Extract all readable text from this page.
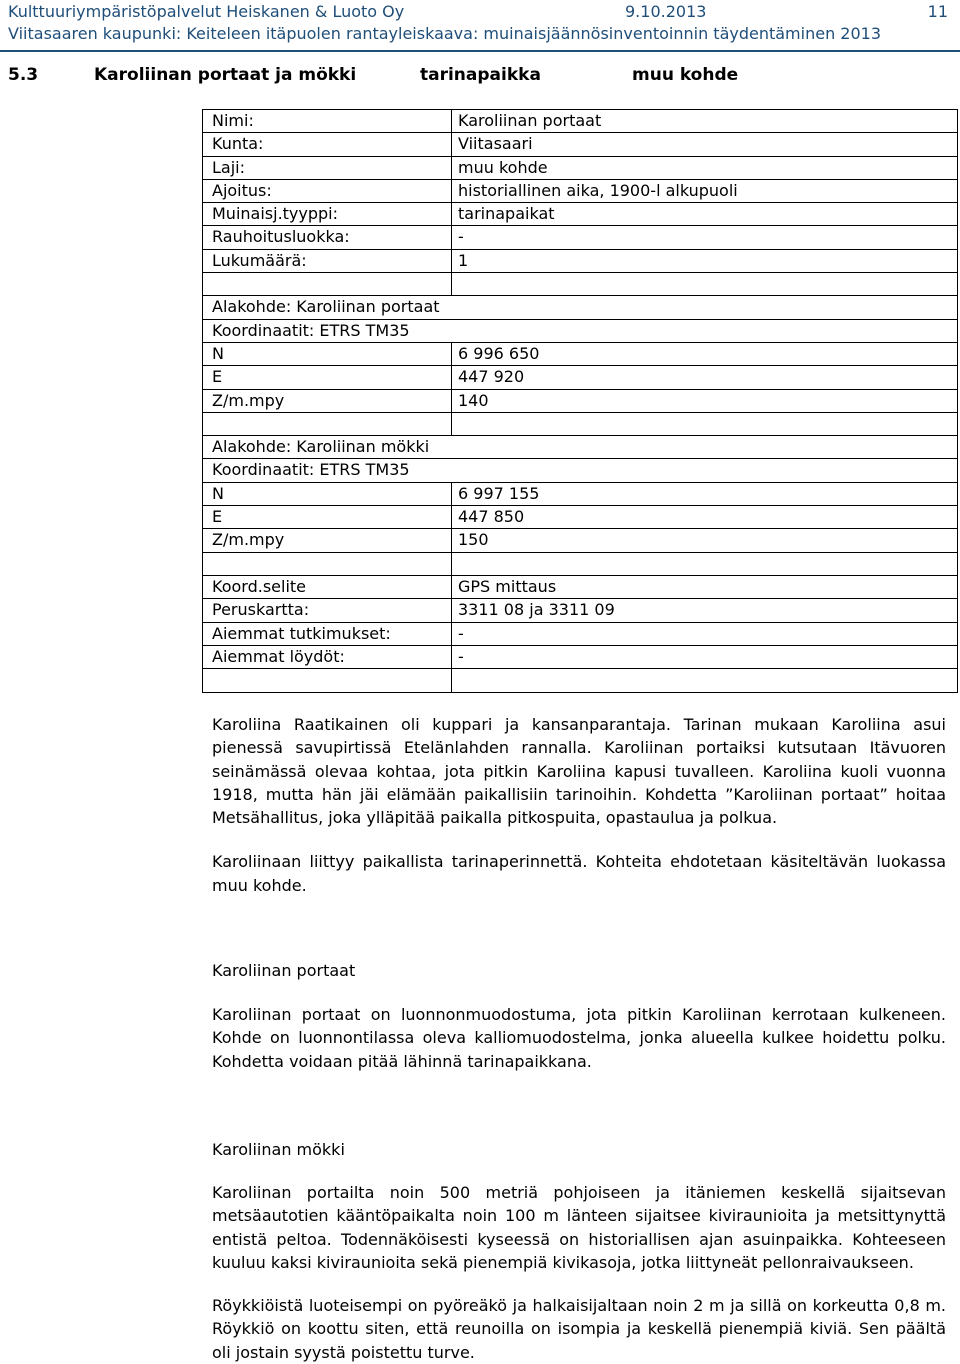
Kulttuuriympäristöpalvelut Heiskanen & Luoto Oy	9.10.2013	11
Viitasaaren kaupunki: Keiteleen itäpuolen rantayleiskaava: muinaisjäännösinventoinnin täydentäminen 2013
5.3	Karoliinan portaat ja mökki	tarinapaikka	muu kohde
Nimi:	Karoliinan portaat
Kunta:	Viitasaari
Laji:	muu kohde
Ajoitus:	historiallinen aika, 1900-l alkupuoli
Muinaisj.tyyppi:	tarinapaikat
Rauhoitusluokka:	-
Lukumäärä:	1
Alakohde: Karoliinan portaat
Koordinaatit: ETRS TM35
N	6 996 650
E	447 920
Z/m.mpy	140
Alakohde: Karoliinan mökki
Koordinaatit: ETRS TM35
N	6 997 155
E	447 850
Z/m.mpy	150
Koord.selite	GPS mittaus
Peruskartta:	3311 08 ja 3311 09
Aiemmat tutkimukset:	-
Aiemmat löydöt:	-

Karoliina Raatikainen oli kuppari ja kansanparantaja. Tarinan mukaan Karoliina asui pienessä savupirtissä Etelänlahden rannalla. Karoliinan portaiksi kutsutaan Itävuoren seinämässä olevaa kohtaa, jota pitkin Karoliina kapusi tuvalleen. Karoliina kuoli vuonna 1918, mutta hän jäi elämään paikallisiin tarinoihin. Kohdetta ”Karoliinan portaat” hoitaa Metsähallitus, joka ylläpitää paikalla pitkospuita, opastaulua ja polkua.

Karoliinaan liittyy paikallista tarinaperinnettä. Kohteita ehdotetaan käsiteltävän luokassa muu kohde.

Karoliinan portaat

Karoliinan portaat on luonnonmuodostuma, jota pitkin Karoliinan kerrotaan kulkeneen. Kohde on luonnontilassa oleva kalliomuodostelma, jonka alueella kulkee hoidettu polku. Kohdetta voidaan pitää lähinnä tarinapaikkana.

Karoliinan mökki

Karoliinan portailta noin 500 metriä pohjoiseen ja itäniemen keskellä sijaitsevan metsäautotien kääntöpaikalta noin 100 m länteen sijaitsee kiviraunioita ja metsittynyttä entistä peltoa. Todennäköisesti kyseessä on historiallisen ajan asuinpaikka. Kohteeseen kuuluu kaksi kiviraunioita sekä pienempiä kivikasoja, jotka liittyneät pellonraivaukseen.

Röykkiöistä luoteisempi on pyöreäkö ja halkaisijaltaan noin 2 m ja sillä on korkeutta 0,8 m. Röykkiö on koottu siten, että reunoilla on isompia ja keskellä pienempiä kiviä. Sen päältä oli jostain syystä poistettu turve.
